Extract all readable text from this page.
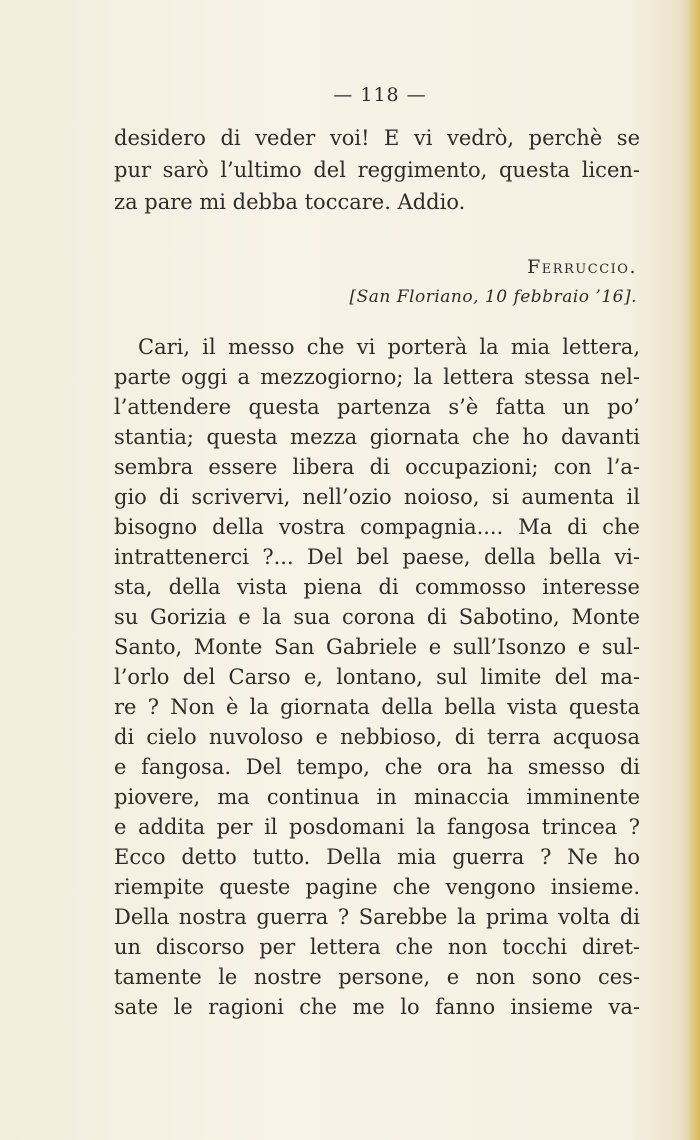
— 118 —
desidero di veder voi! E vi vedrò, perchè se
pur sarò l’ultimo del reggimento, questa licen-
za pare mi debba toccare. Addio.
Ferruccio.
[San Floriano, 10 febbraio ’16].
Cari, il messo che vi porterà la mia lettera,
parte oggi a mezzogiorno; la lettera stessa nel-
l’attendere questa partenza s’è fatta un po’
stantia; questa mezza giornata che ho davanti
sembra essere libera di occupazioni; con l’a-
gio di scrivervi, nell’ozio noioso, si aumenta il
bisogno della vostra compagnia.... Ma di che
intrattenerci ?... Del bel paese, della bella vi-
sta, della vista piena di commosso interesse
su Gorizia e la sua corona di Sabotino, Monte
Santo, Monte San Gabriele e sull’Isonzo e sul-
l’orlo del Carso e, lontano, sul limite del ma-
re ? Non è la giornata della bella vista questa
di cielo nuvoloso e nebbioso, di terra acquosa
e fangosa. Del tempo, che ora ha smesso di
piovere, ma continua in minaccia imminente
e addita per il posdomani la fangosa trincea ?
Ecco detto tutto. Della mia guerra ? Ne ho
riempite queste pagine che vengono insieme.
Della nostra guerra ? Sarebbe la prima volta di
un discorso per lettera che non tocchi diret-
tamente le nostre persone, e non sono ces-
sate le ragioni che me lo fanno insieme va-
